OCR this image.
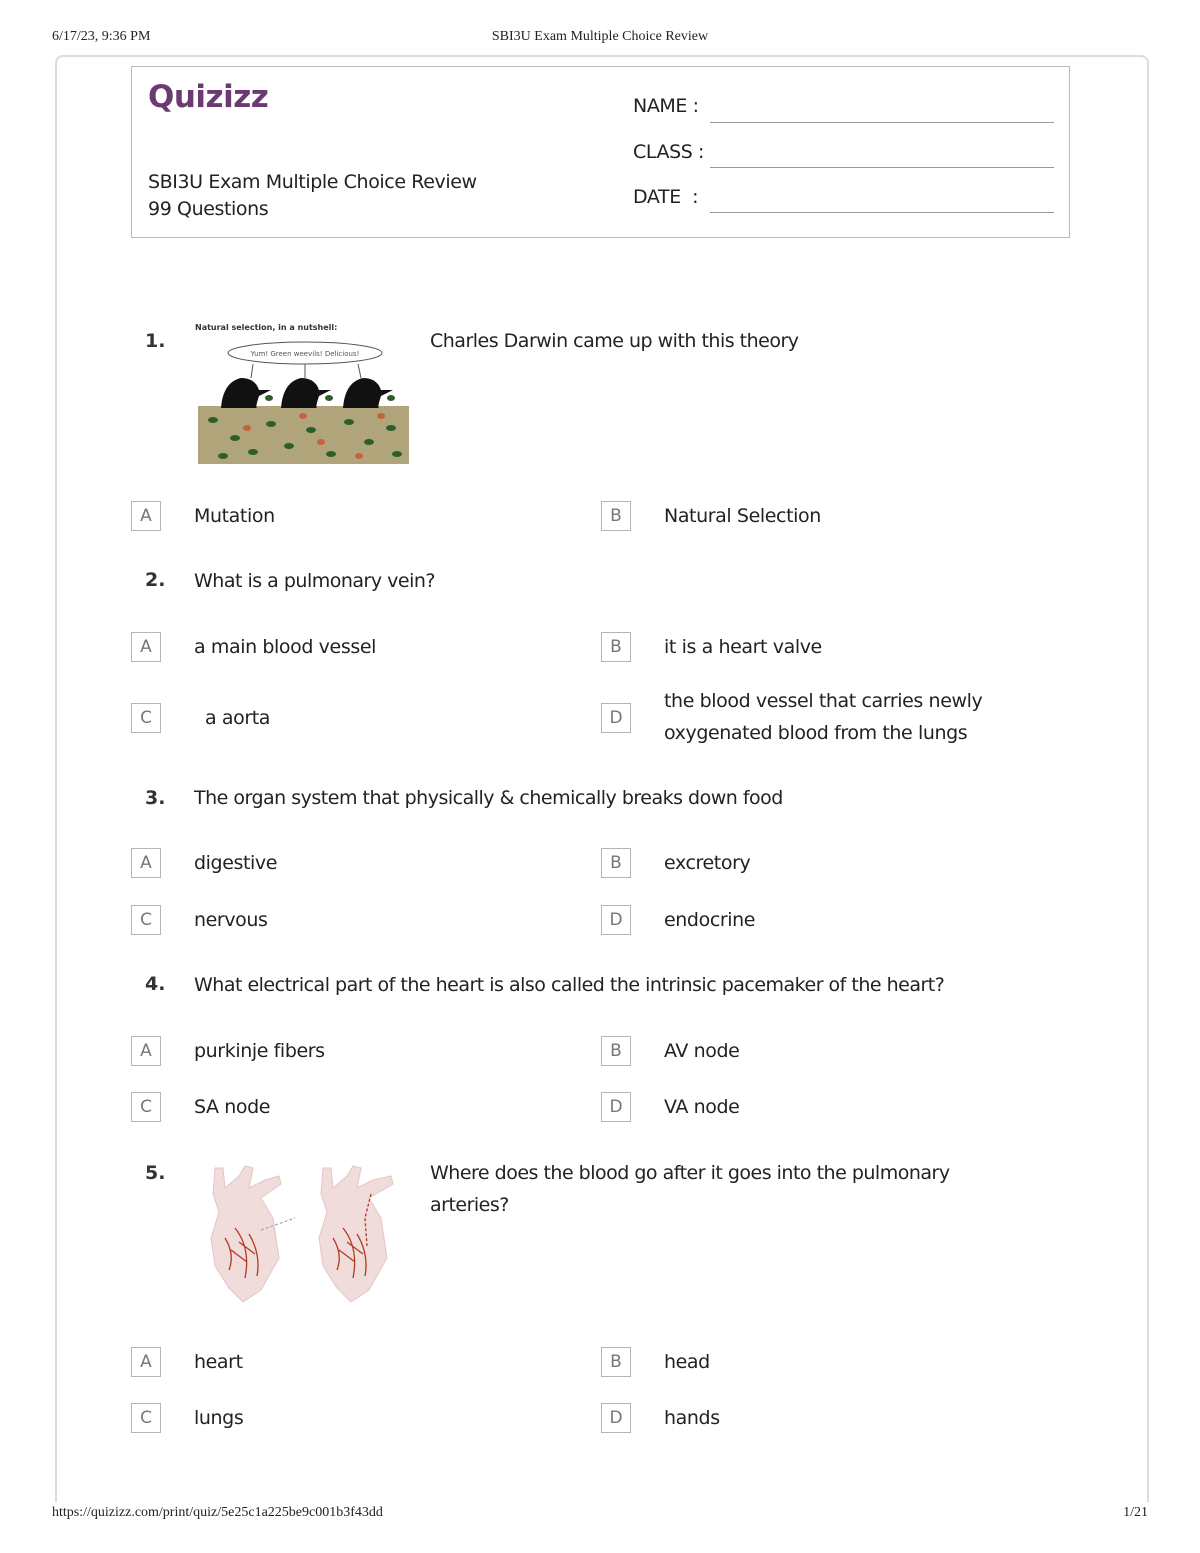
6/17/23, 9:36 PM	SBI3U Exam Multiple Choice Review
Quizizz
SBI3U Exam Multiple Choice Review
99 Questions
NAME :
CLASS :
DATE  :
1.
Natural selection, in a nutshell:
Yum! Green weevils! Delicious!
Charles Darwin came up with this theory
A	Mutation	B	Natural Selection
2. What is a pulmonary vein?
A	a main blood vessel	B	it is a heart valve
C	a aorta	D
the blood vessel that carries newly oxygenated blood from the lungs
3. The organ system that physically & chemically breaks down food
A	digestive	B	excretory
C	nervous	D	endocrine
4. What electrical part of the heart is also called the intrinsic pacemaker of the heart?
A	purkinje fibers	B	AV node
C	SA node	D	VA node
5.	Where does the blood go after it goes into the pulmonary arteries?
A	heart	B	head
C	lungs	D	hands
https://quizizz.com/print/quiz/5e25c1a225be9c001b3f43dd	1/21
